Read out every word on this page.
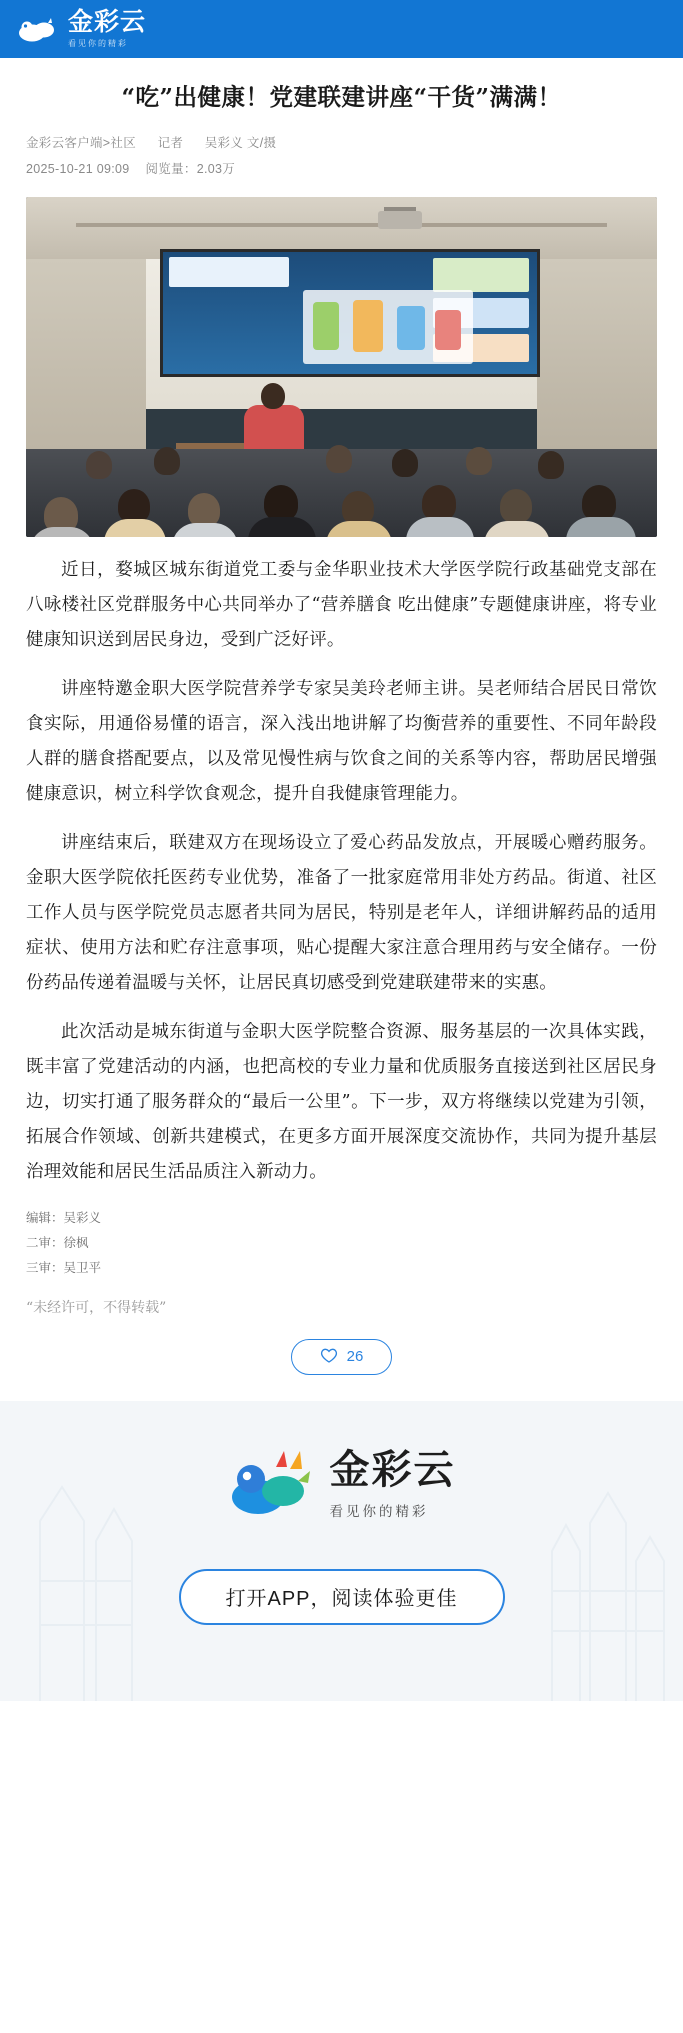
金彩云
看见你的精彩
“吃”出健康！党建联建讲座“干货”满满！
金彩云客户端>社区 记者 吴彩义 文/摄
2025-10-21 09:09 阅览量：2.03万

近日，婺城区城东街道党工委与金华职业技术大学医学院行政基础党支部在八咏楼社区党群服务中心共同举办了“营养膳食 吃出健康”专题健康讲座，将专业健康知识送到居民身边，受到广泛好评。

讲座特邀金职大医学院营养学专家吴美玲老师主讲。吴老师结合居民日常饮食实际，用通俗易懂的语言，深入浅出地讲解了均衡营养的重要性、不同年龄段人群的膳食搭配要点，以及常见慢性病与饮食之间的关系等内容，帮助居民增强健康意识，树立科学饮食观念，提升自我健康管理能力。

讲座结束后，联建双方在现场设立了爱心药品发放点，开展暖心赠药服务。金职大医学院依托医药专业优势，准备了一批家庭常用非处方药品。街道、社区工作人员与医学院党员志愿者共同为居民，特别是老年人，详细讲解药品的适用症状、使用方法和贮存注意事项，贴心提醒大家注意合理用药与安全储存。一份份药品传递着温暖与关怀，让居民真切感受到党建联建带来的实惠。

此次活动是城东街道与金职大医学院整合资源、服务基层的一次具体实践，既丰富了党建活动的内涵，也把高校的专业力量和优质服务直接送到社区居民身边，切实打通了服务群众的“最后一公里”。下一步，双方将继续以党建为引领，拓展合作领域、创新共建模式，在更多方面开展深度交流协作，共同为提升基层治理效能和居民生活品质注入新动力。

编辑：吴彩义
二审：徐枫
三审：吴卫平
“未经许可，不得转载”
26
金彩云
看见你的精彩
打开APP，阅读体验更佳
